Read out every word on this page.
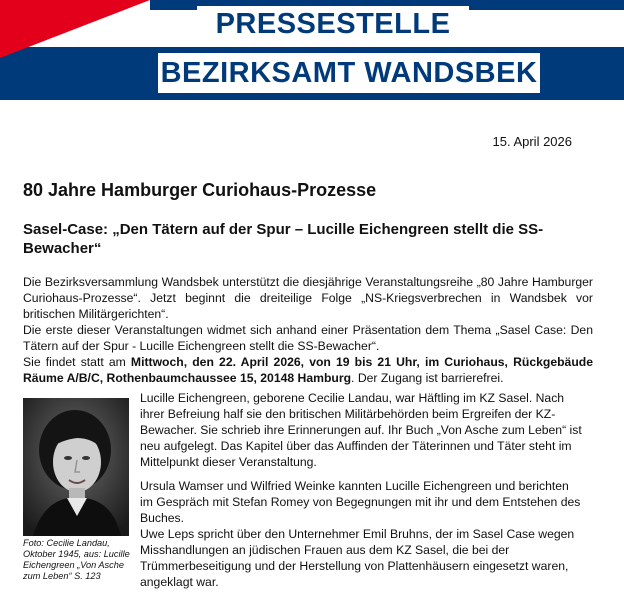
PRESSESTELLE
BEZIRKSAMT WANDSBEK
15. April 2026
80 Jahre Hamburger Curiohaus-Prozesse
Sasel-Case: „Den Tätern auf der Spur – Lucille Eichengreen stellt die SS-Bewacher“

Die Bezirksversammlung Wandsbek unterstützt die diesjährige Veranstaltungsreihe „80 Jahre Hamburger Curiohaus-Prozesse“. Jetzt beginnt die dreiteilige Folge „NS-Kriegsverbrechen in Wandsbek vor britischen Militärgerichten“.

Die erste dieser Veranstaltungen widmet sich anhand einer Präsentation dem Thema „Sasel Case: Den Tätern auf der Spur - Lucille Eichengreen stellt die SS-Bewacher“.

Sie findet statt am Mittwoch, den 22. April 2026, von 19 bis 21 Uhr, im Curiohaus, Rückgebäude Räume A/B/C, Rothenbaumchaussee 15, 20148 Hamburg. Der Zugang ist barrierefrei.

Foto: Cecilie Landau, Oktober 1945, aus: Lucille Eichengreen „Von Asche zum Leben“ S. 123

Lucille Eichengreen, geborene Cecilie Landau, war Häftling im KZ Sasel. Nach ihrer Befreiung half sie den britischen Militärbehörden beim Ergreifen der KZ-Bewacher. Sie schrieb ihre Erinnerungen auf. Ihr Buch „Von Asche zum Leben“ ist neu aufgelegt. Das Kapitel über das Auffinden der Täterinnen und Täter steht im Mittelpunkt dieser Veranstaltung.

Ursula Wamser und Wilfried Weinke kannten Lucille Eichengreen und berichten im Gespräch mit Stefan Romey von Begegnungen mit ihr und dem Entstehen des Buches.

Uwe Leps spricht über den Unternehmer Emil Bruhns, der im Sasel Case wegen Misshandlungen an jüdischen Frauen aus dem KZ Sasel, die bei der Trümmerbeseitigung und der Herstellung von Plattenhäusern eingesetzt waren, angeklagt war.
